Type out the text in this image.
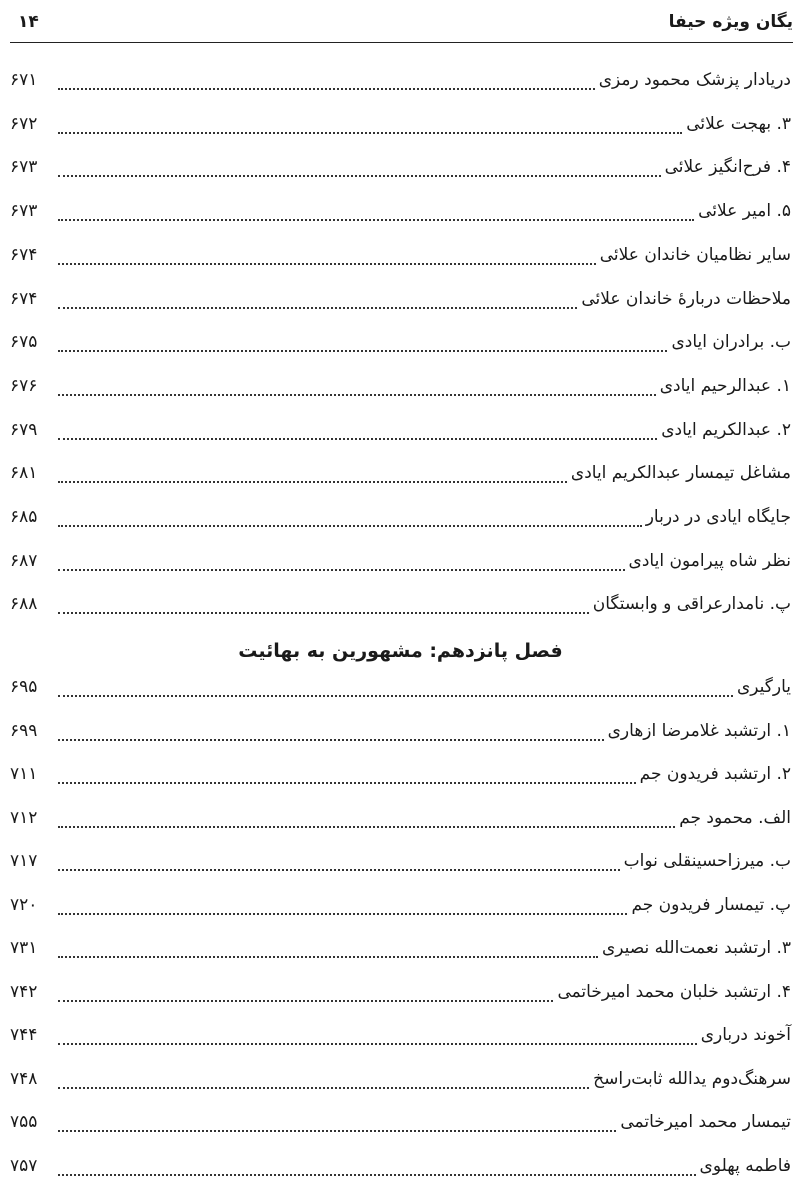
یگان ویژه حیفا
۱۴
دریادار پزشک محمود رمزی
۶۷۱
۳. بهجت علائی
۶۷۲
۴. فرح‌انگیز علائی
۶۷۳
۵. امیر علائی
۶۷۳
سایر نظامیان خاندان علائی
۶۷۴
ملاحظات دربارۀ خاندان علائی
۶۷۴
ب. برادران ایادی
۶۷۵
۱. عبدالرحیم ایادی
۶۷۶
۲. عبدالکریم ایادی
۶۷۹
مشاغل تیمسار عبدالکریم ایادی
۶۸۱
جایگاه ایادی در دربار
۶۸۵
نظر شاه پیرامون ایادی
۶۸۷
پ. نامدارعراقی و وابستگان
۶۸۸
فصل پانزدهم: مشهورین به بهائیت
یارگیری
۶۹۵
۱. ارتشبد غلامرضا ازهاری
۶۹۹
۲. ارتشبد فریدون جم
۷۱۱
الف. محمود جم
۷۱۲
ب. میرزاحسینقلی نواب
۷۱۷
پ. تیمسار فریدون جم
۷۲۰
۳. ارتشبد نعمت‌الله نصیری
۷۳۱
۴. ارتشبد خلبان محمد امیرخاتمی
۷۴۲
آخوند درباری
۷۴۴
سرهنگ‌دوم یدالله ثابت‌راسخ
۷۴۸
تیمسار محمد امیرخاتمی
۷۵۵
فاطمه پهلوی
۷۵۷
